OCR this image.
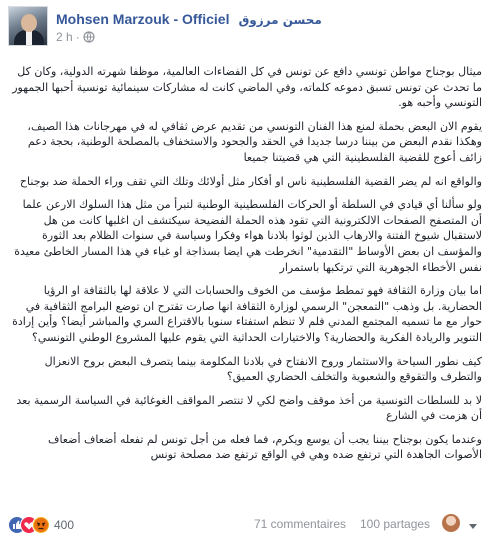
Mohsen Marzouk - Officiel محسن مرزوق
2 h ·

ميثال بوجناح مواطن تونسي دافع عن تونس في كل الفضاءات العالمية، موظفا شهرته الدولية، وكان كل ما تحدث عن تونس تسبق دموعه كلماته، وفي الماضي كانت له مشاركات سينمائية تونسية أحبها الجمهور التونسي وأحبه هو.

يقوم الان البعض بحملة لمنع هذا الفنان التونسي من تقديم عرض ثقافي له في مهرجانات هذا الصيف، وهكذا نقدم البعض من بيننا درسا جديدا في الحقد والجحود والاستخفاف بالمصلحة الوطنية، بحجة دعم زائف أعوج للقضية الفلسطينية التي هي قضيتنا جميعا

والواقع انه لم يضر القضية الفلسطينية ناس او أفكار مثل أولائك وتلك التي تقف وراء الحملة ضد بوجناح

ولو سألنا أي قيادي في السلطة أو الحركات الفلسطينية الوطنية لتبرأ من مثل هذا السلوك الارعن علما أن المتصفح الصفحات الالكترونية التي تقود هذه الحملة الفضيحة سيكتشف ان اغلبها كانت من هل لاستقبال شيوخ الفتنة والارهاب الذين لوثوا بلادنا هواء وفكرا وسياسة في سنوات الظلام بعد الثورة والمؤسف ان بعض الأوساط "التقدمية" انخرطت هي ايضا بسذاجة او غباء في هذا المسار الخاطئ معيدة نفس الأخطاء الجوهرية التي ترتكبها باستمرار

اما بيان وزارة الثقافة فهو تمطط مؤسف من الخوف والحسابات التي لا علاقة لها بالثقافة او الرؤيا الحضارية. بل وذهب "التمعجن" الرسمي لوزارة الثقافة انها صارت تقترح ان توضع البرامج الثقافية في حوار مع ما تسميه المجتمع المدني فلم لا تنظم استفتاء سنويا بالاقتراع السري والمباشر أيضا؟ وأين إرادة التنوير والريادة الفكرية والحضارية؟ والاختيارات الحداثية التي يقوم عليها المشروع الوطني التونسي؟

كيف نطور السياحة والاستثمار وروح الانفتاح في بلادنا المكلومة بينما يتصرف البعض بروح الانعزال والتطرف والتقوقع والشعبوية والتخلف الحضاري العميق؟

لا بد للسلطات التونسية من أخذ موقف واضح لكي لا تنتصر المواقف الغوغائية في السياسة الرسمية بعد أن هزمت في الشارع

وعندما يكون بوجناح بيننا يجب أن يوسع ويكرم، فما فعله من أجل تونس لم تفعله أضعاف أضعاف الأصوات الجاهدة التي ترتفع ضده وهي في الواقع ترتفع ضد مصلحة تونس

400	71 commentaires 100 partages
